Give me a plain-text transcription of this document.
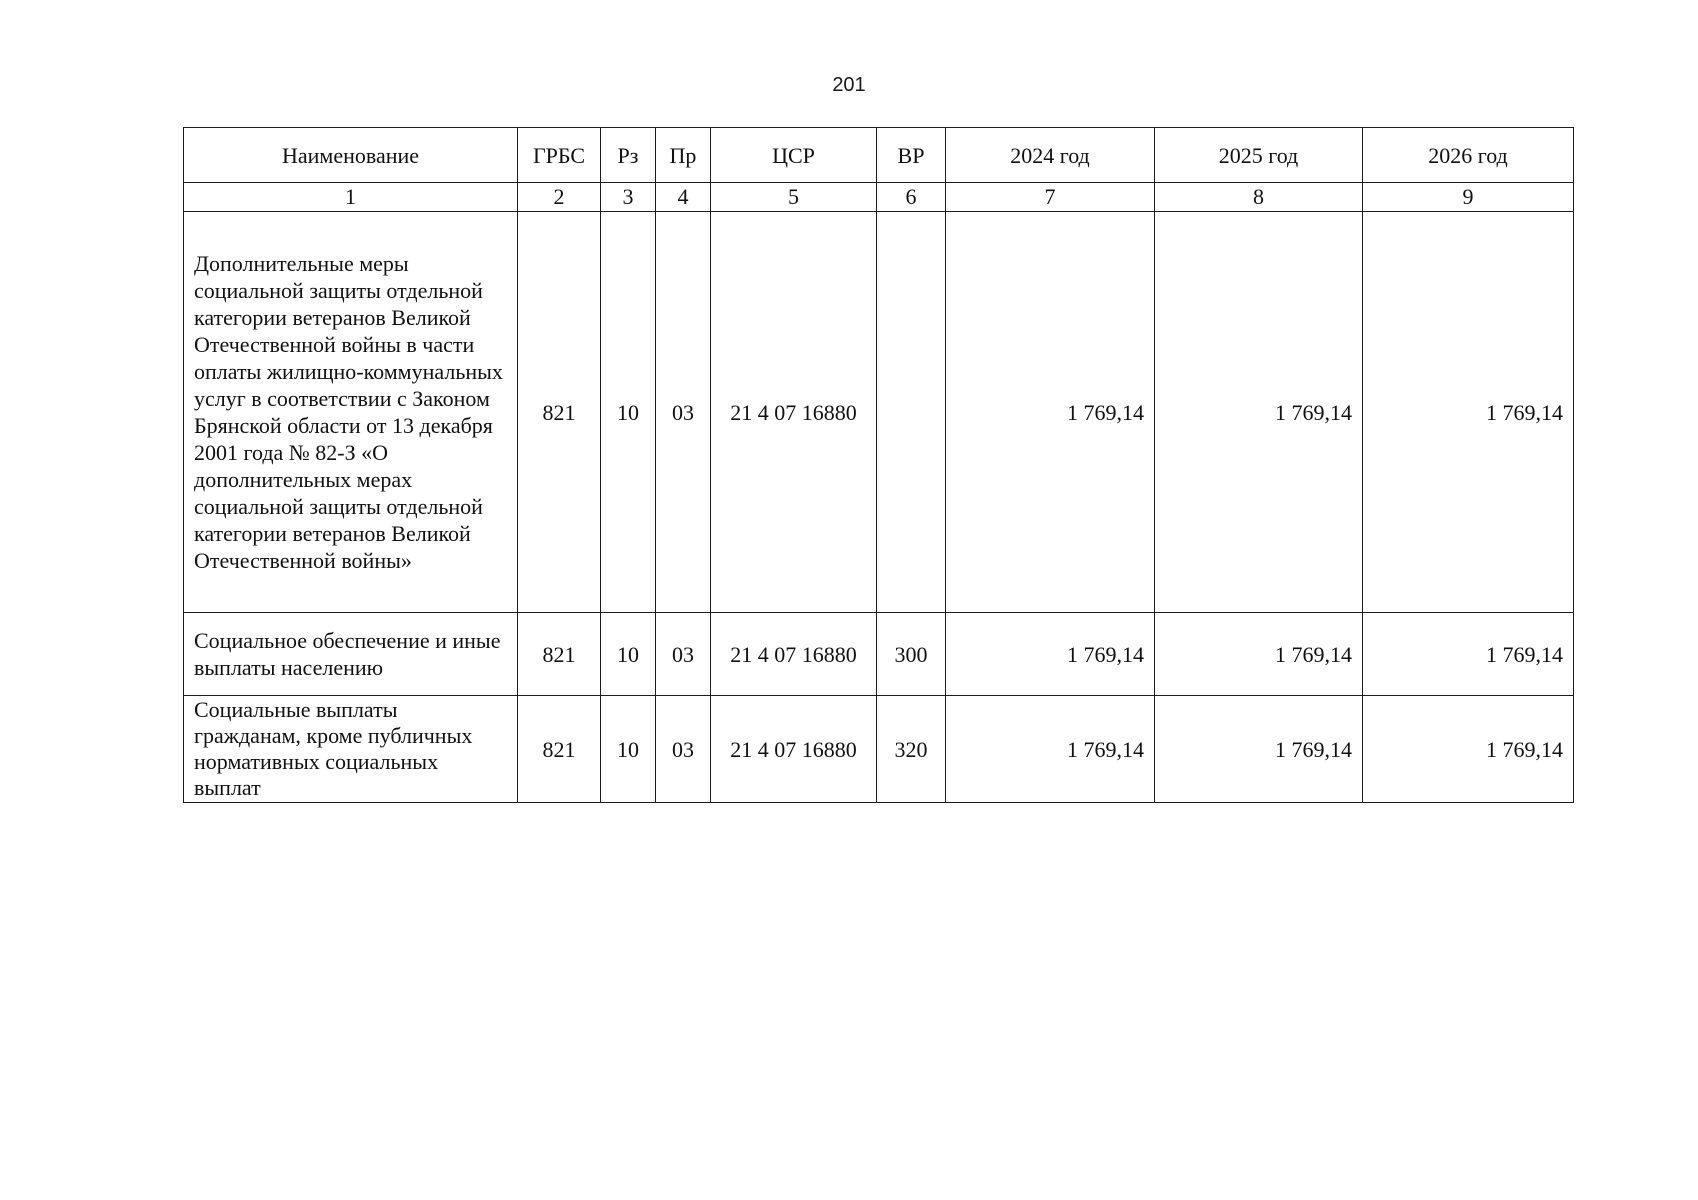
201
Наименование	ГРБС	Рз	Пр	ЦСР	ВР	2024 год	2025 год	2026 год
1	2	3	4	5	6	7	8	9
Дополнительные меры социальной защиты отдельной категории ветеранов Великой Отечественной войны в части оплаты жилищно-коммунальных услуг в соответствии с Законом Брянской области от 13 декабря 2001 года № 82-З «О дополнительных мерах социальной защиты отдельной категории ветеранов Великой Отечественной войны»	821	10	03	21 4 07 16880		1 769,14	1 769,14	1 769,14
Социальное обеспечение и иные выплаты населению	821	10	03	21 4 07 16880	300	1 769,14	1 769,14	1 769,14
Социальные выплаты гражданам, кроме публичных нормативных социальных выплат	821	10	03	21 4 07 16880	320	1 769,14	1 769,14	1 769,14
